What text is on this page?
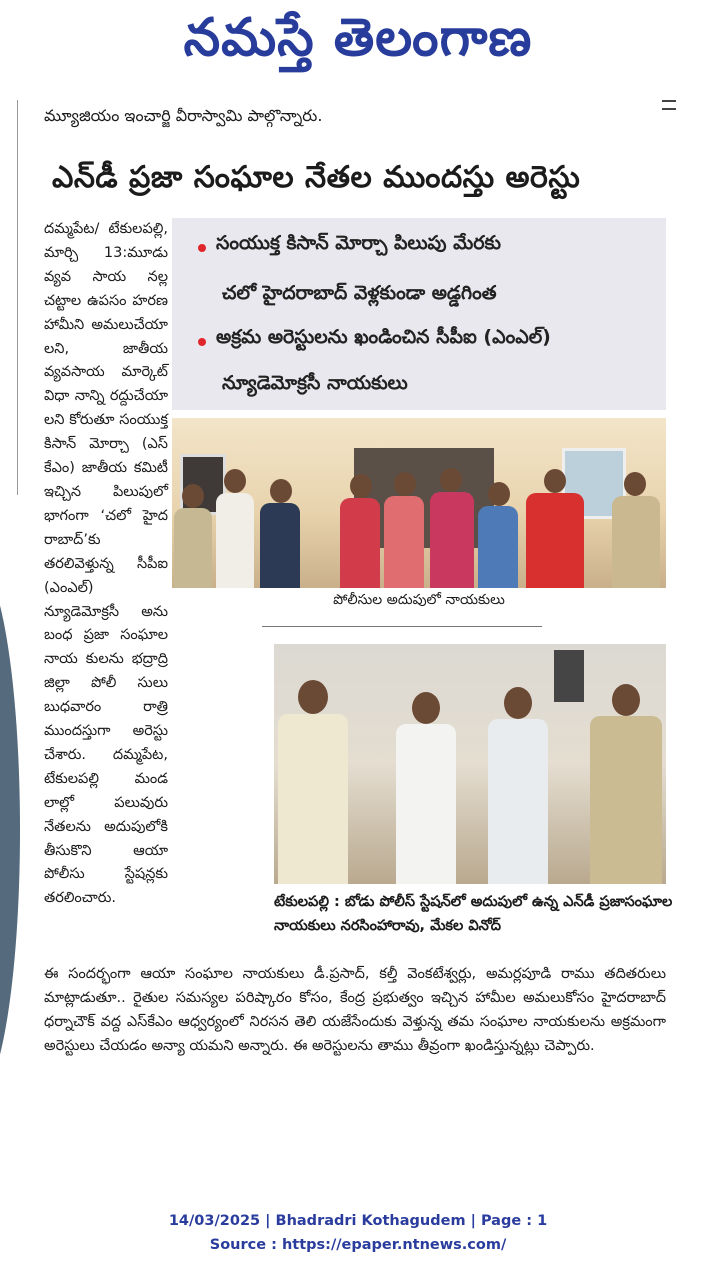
నమస్తే తెలంగాణ
మ్యూజియం ఇంచార్జి వీరాస్వామి పాల్గొన్నారు.
ఎన్‌డీ ప్రజా సంఘాల నేతల ముందస్తు అరెస్టు

దమ్మపేట/ టేకులపల్లి, మార్చి 13:మూడు వ్యవ సాయ నల్ల చట్టాల ఉపసం హరణ హామీని అమలుచేయా లని, జాతీయ వ్యవసాయ మార్కెట్ విధా నాన్ని రద్దుచేయా లని కోరుతూ సంయుక్త కిసాన్ మోర్చా (ఎస్ కేఎం) జాతీయ కమిటీ ఇచ్చిన పిలుపులో భాగంగా ‘చలో హైద రాబాద్’కు తరలివెళ్తున్న సీపీఐ (ఎంఎల్) న్యూడెమోక్రసీ అను బంధ ప్రజా సంఘాల నాయ కులను భద్రాద్రి జిల్లా పోలీ సులు బుధవారం రాత్రి ముందస్తుగా అరెస్టు చేశారు. దమ్మపేట, టేకులపల్లి మండ లాల్లో పలువురు నేతలను అదుపులోకి తీసుకొని ఆయా పోలీసు స్టేషన్లకు తరలించారు.

సంయుక్త కిసాన్ మోర్చా పిలుపు మేరకు
చలో హైదరాబాద్ వెళ్లకుండా అడ్డగింత
అక్రమ అరెస్టులను ఖండించిన సీపీఐ (ఎంఎల్)
న్యూడెమోక్రసీ నాయకులు
పోలీసుల అదుపులో నాయకులు
టేకులపల్లి : బోడు పోలీస్ స్టేషన్‌లో అదుపులో ఉన్న ఎన్‌డీ ప్రజాసంఘాల నాయకులు నరసింహారావు, మేకల వినోద్

ఈ సందర్భంగా ఆయా సంఘాల నాయకులు డీ.ప్రసాద్, కల్తీ వెంకటేశ్వర్లు, అమర్లపూడి రాము తదితరులు మాట్లాడుతూ.. రైతుల సమస్యల పరిష్కారం కోసం, కేంద్ర ప్రభుత్వం ఇచ్చిన హామీల అమలుకోసం హైదరాబాద్ ధర్నాచౌక్ వద్ద ఎస్‌కేఎం ఆధ్వర్యంలో నిరసన తెలి యజేసేందుకు వెళ్తున్న తమ సంఘాల నాయకులను అక్రమంగా అరెస్టులు చేయడం అన్యా యమని అన్నారు. ఈ అరెస్టులను తాము తీవ్రంగా ఖండిస్తున్నట్లు చెప్పారు.

14/03/2025 | Bhadradri Kothagudem | Page : 1
Source : https://epaper.ntnews.com/
